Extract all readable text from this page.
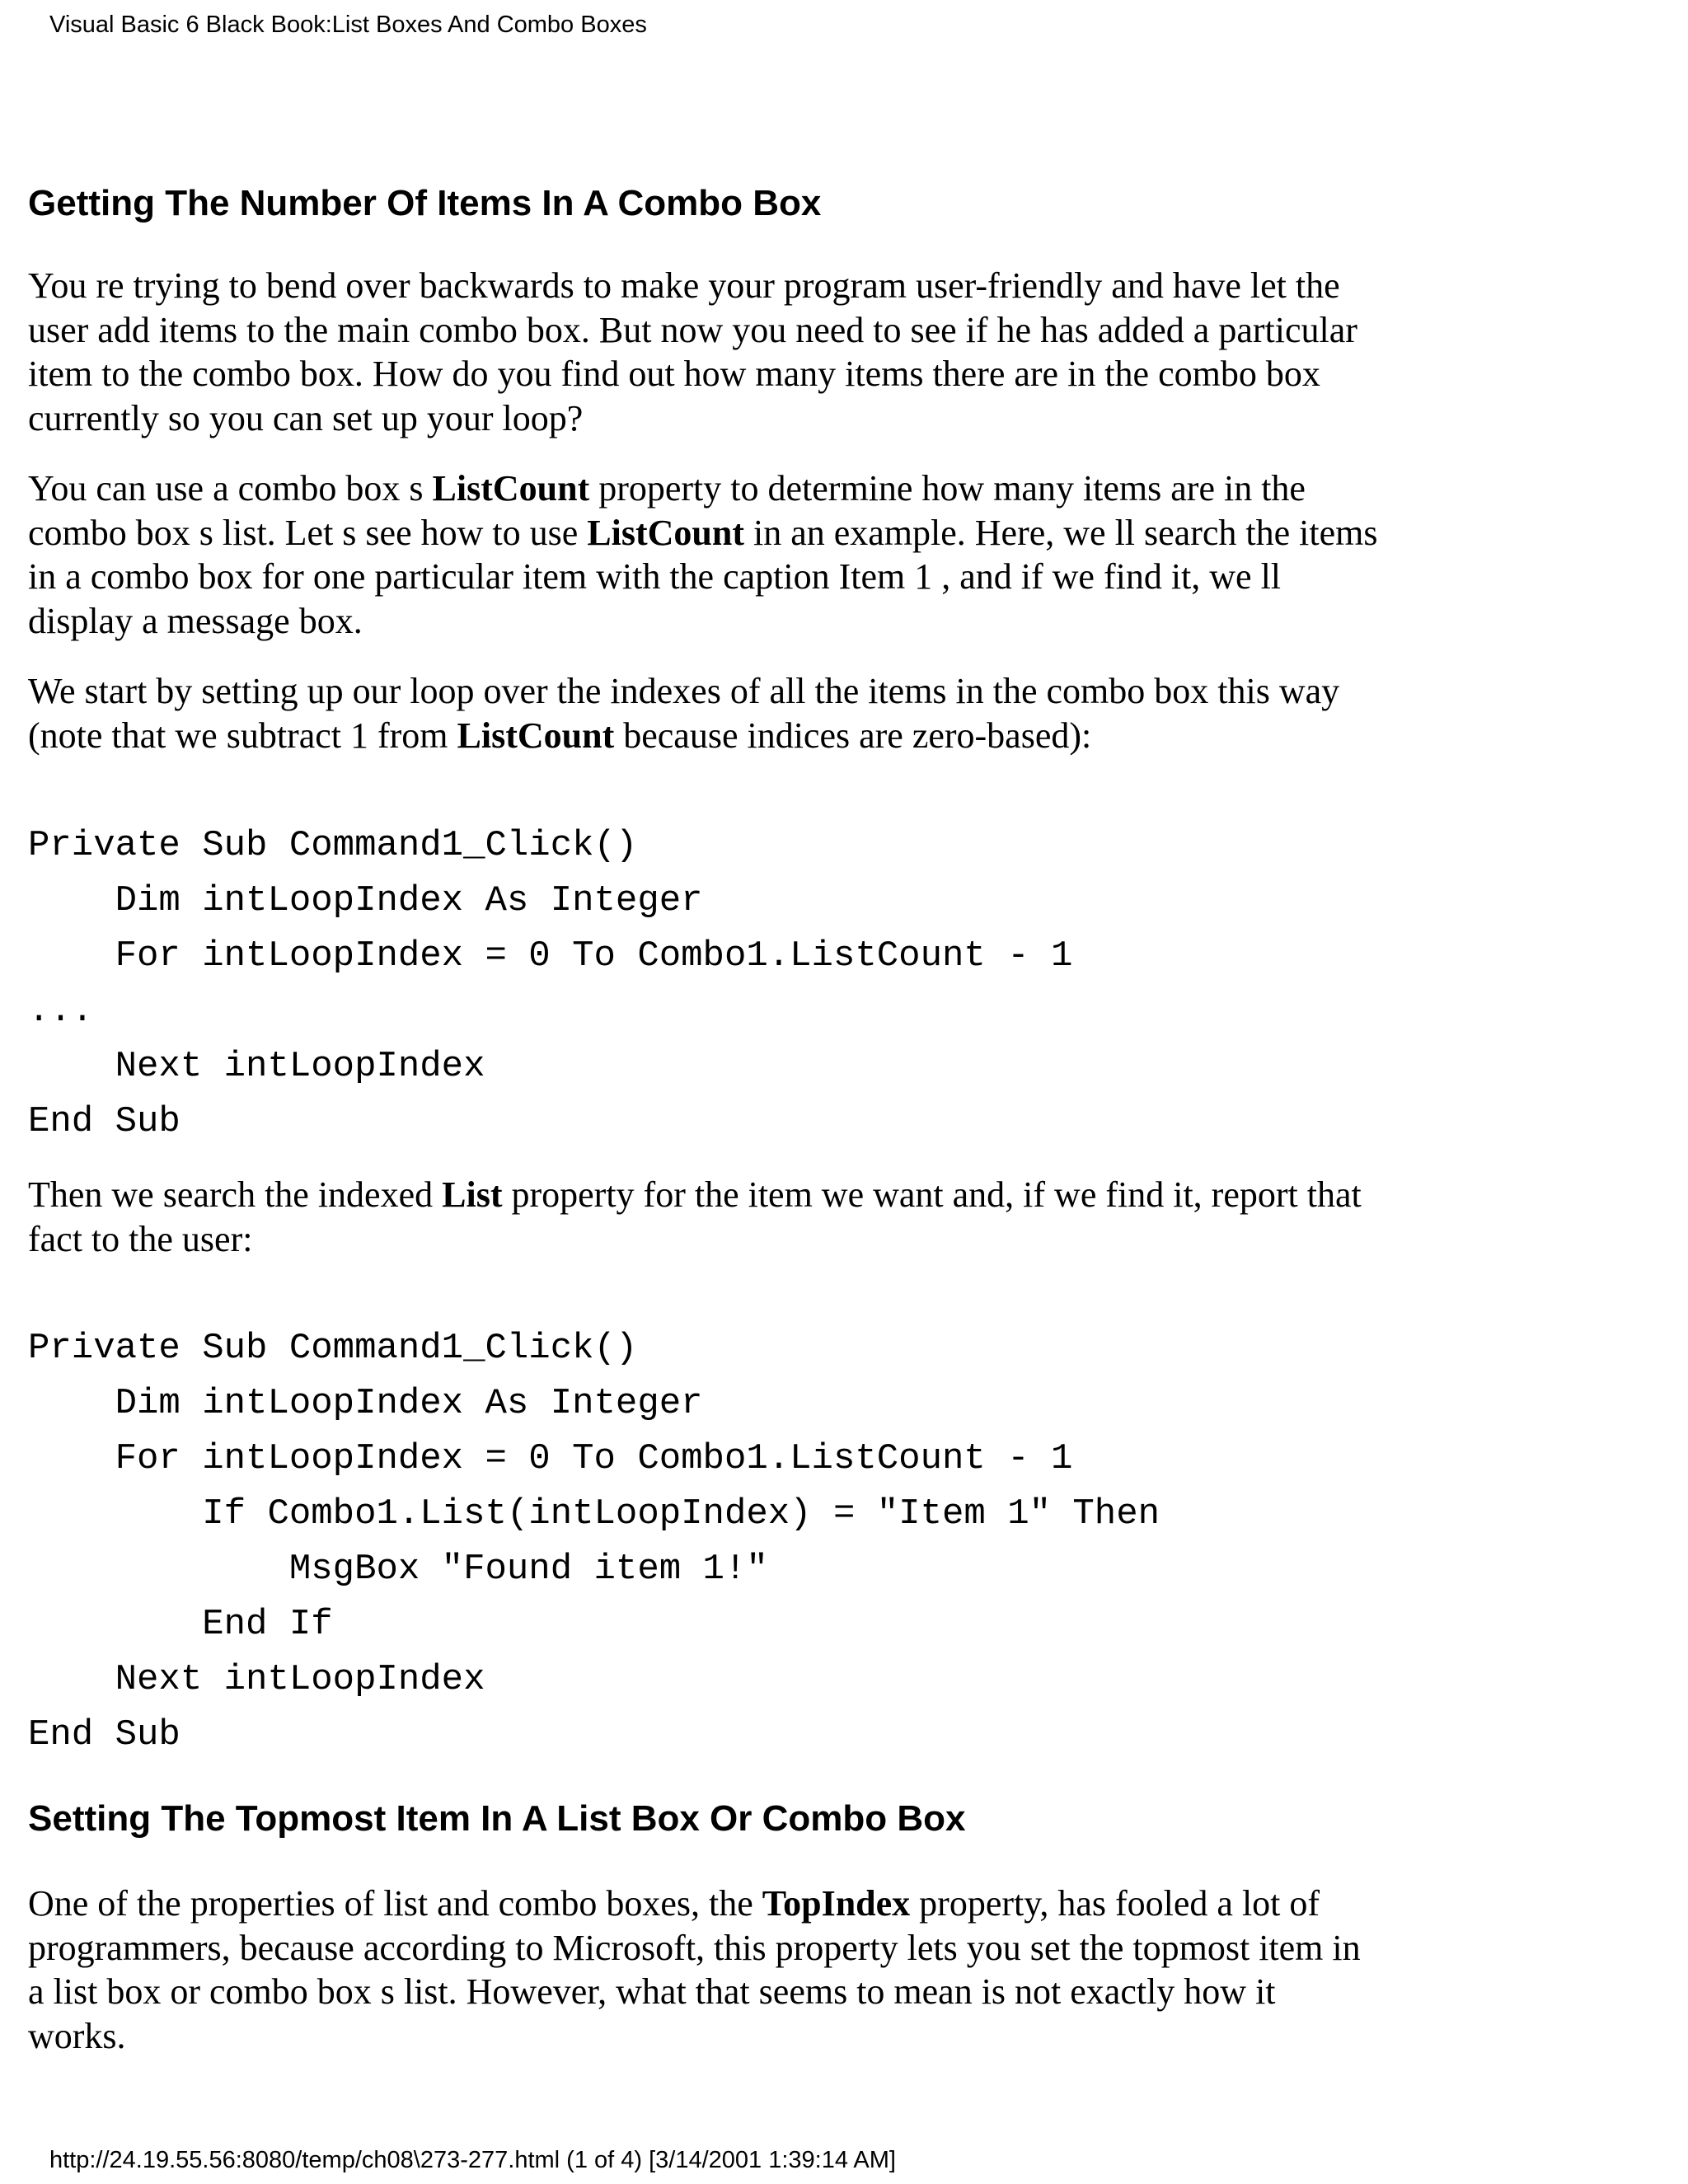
Visual Basic 6 Black Book:List Boxes And Combo Boxes
Getting The Number Of Items In A Combo Box

You re trying to bend over backwards to make your program user-friendly and have let the user add items to the main combo box. But now you need to see if he has added a particular item to the combo box. How do you find out how many items there are in the combo box currently so you can set up your loop?

You can use a combo box s ListCount property to determine how many items are in the combo box s list. Let s see how to use ListCount in an example. Here, we ll search the items in a combo box for one particular item with the caption Item 1 , and if we find it, we ll display a message box.

We start by setting up our loop over the indexes of all the items in the combo box this way (note that we subtract 1 from ListCount because indices are zero-based):

Private Sub Command1_Click()
Dim intLoopIndex As Integer
For intLoopIndex = 0 To Combo1.ListCount - 1
...
Next intLoopIndex
End Sub

Then we search the indexed List property for the item we want and, if we find it, report that fact to the user:

Private Sub Command1_Click()
Dim intLoopIndex As Integer
For intLoopIndex = 0 To Combo1.ListCount - 1
If Combo1.List(intLoopIndex) = "Item 1" Then
MsgBox "Found item 1!"
End If
Next intLoopIndex
End Sub
Setting The Topmost Item In A List Box Or Combo Box

One of the properties of list and combo boxes, the TopIndex property, has fooled a lot of programmers, because according to Microsoft, this property lets you set the topmost item in a list box or combo box s list. However, what that seems to mean is not exactly how it works.

http://24.19.55.56:8080/temp/ch08\273-277.html (1 of 4) [3/14/2001 1:39:14 AM]
